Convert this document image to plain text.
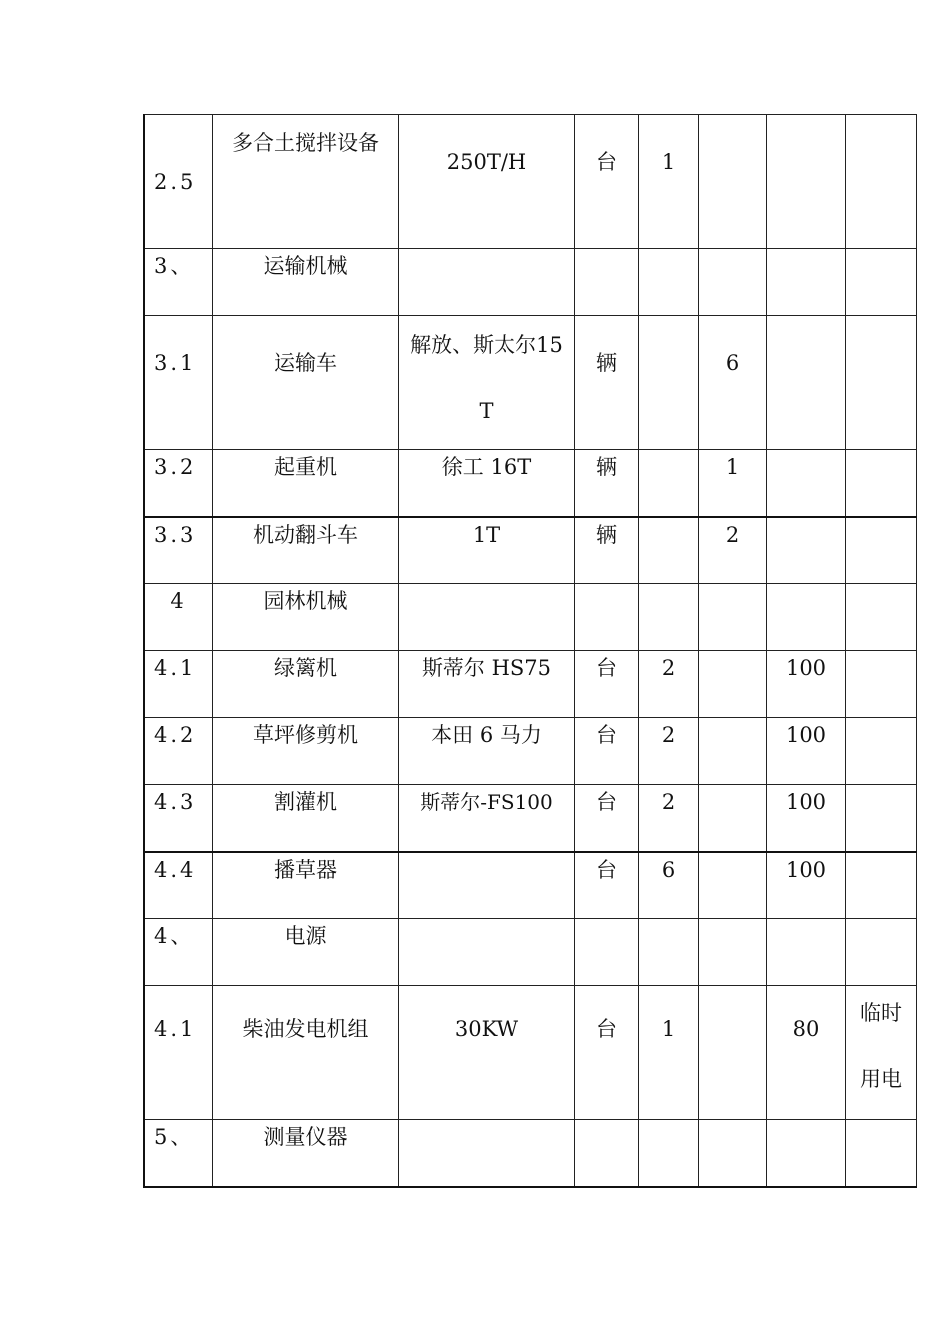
2.5	多合土搅拌设备	250T/H	台	1			
3、	运输机械						
3.1	运输车	解放、斯太尔15T	辆		6		
3.2	起重机	徐工 16T	辆		1		
3.3	机动翻斗车	1T	辆		2		
4	园林机械						
4.1	绿篱机	斯蒂尔 HS75	台	2		100	
4.2	草坪修剪机	本田 6 马力	台	2		100	
4.3	割灌机	斯蒂尔-FS100	台	2		100	
4.4	播草器		台	6		100	
4、	电源						
4.1	柴油发电机组	30KW	台	1		80	临时用电

5、	测量仪器						
